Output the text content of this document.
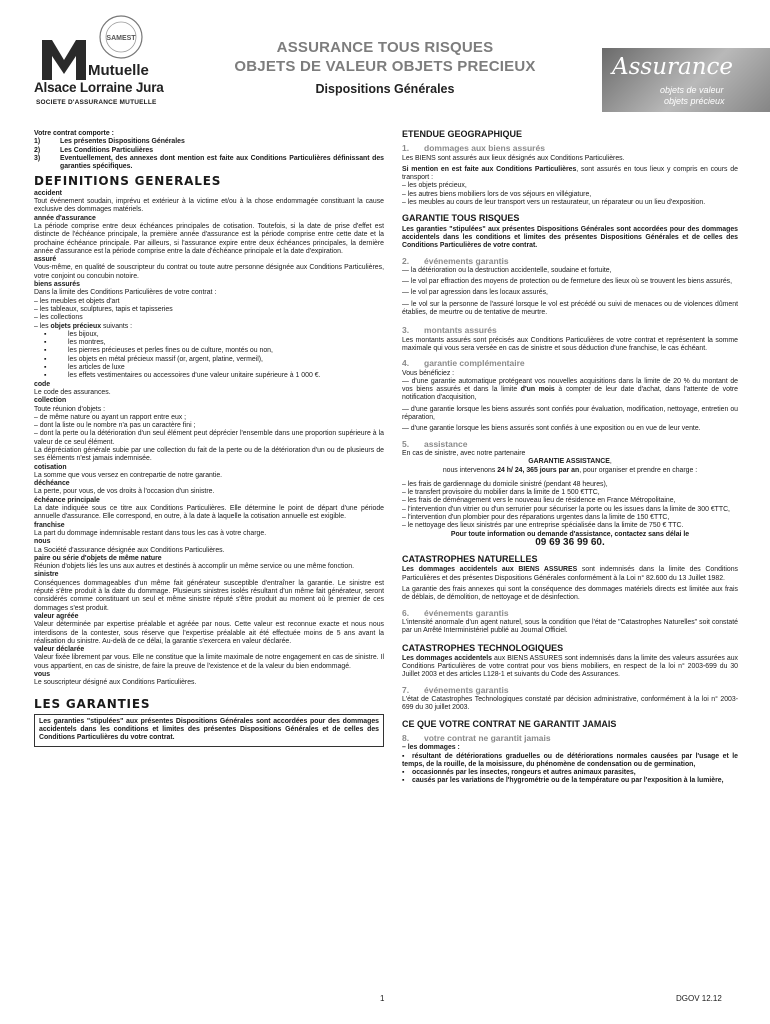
SAMEST
Mutuelle
Alsace Lorraine Jura
SOCIETE D'ASSURANCE MUTUELLE
ASSURANCE TOUS RISQUES
OBJETS DE VALEUR OBJETS PRECIEUX
Dispositions Générales
Assurance
objets de valeur
objets précieux

Votre contrat comporte :

1)	Les présentes Dispositions Générales
2)	Les Conditions Particulières
3)	Eventuellement, des annexes dont mention est faite aux Conditions Particulières définissant des garanties spécifiques.
DEFINITIONS GENERALES

accident

Tout événement soudain, imprévu et extérieur à la victime et/ou à la chose endommagée constituant la cause exclusive des dommages matériels.

année d'assurance

La période comprise entre deux échéances principales de cotisation. Toutefois, si la date de prise d'effet est distincte de l'échéance principale, la première année d'assurance est la période comprise entre cette date et la prochaine échéance principale. Par ailleurs, si l'assurance expire entre deux échéances principales, la dernière année d'assurance est la période comprise entre la date d'échéance principale et la date d'expiration.

assuré

Vous-même, en qualité de souscripteur du contrat ou toute autre personne désignée aux Conditions Particulières, votre conjoint ou concubin notoire.

biens assurés

Dans la limite des Conditions Particulières de votre contrat :

– les meubles et objets d'art

– les tableaux, sculptures, tapis et tapisseries

– les collections

– les objets précieux suivants :

▪	les bijoux,
▪	les montres,
▪	les pierres précieuses et perles fines ou de culture, montés ou non,
▪	les objets en métal précieux massif (or, argent, platine, vermeil),
▪	les articles de luxe
▪	les effets vestimentaires ou accessoires d'une valeur unitaire supérieure à 1 000 €.

code

Le code des assurances.

collection

Toute réunion d'objets :

– de même nature ou ayant un rapport entre eux ;

– dont la liste ou le nombre n'a pas un caractère fini ;

– dont la perte ou la détérioration d'un seul élément peut déprécier l'ensemble dans une proportion supérieure à la valeur de ce seul élément.

La dépréciation générale subie par une collection du fait de la perte ou de la détérioration d'un ou de plusieurs de ses éléments n'est jamais indemnisée.

cotisation

La somme que vous versez en contrepartie de notre garantie.

déchéance

La perte, pour vous, de vos droits à l'occasion d'un sinistre.

échéance principale

La date indiquée sous ce titre aux Conditions Particulières. Elle détermine le point de départ d'une période annuelle d'assurance. Elle correspond, en outre, à la date à laquelle la cotisation annuelle est exigible.

franchise

La part du dommage indemnisable restant dans tous les cas à votre charge.

nous

La Société d'assurance désignée aux Conditions Particulières.

paire ou série d'objets de même nature

Réunion d'objets liés les uns aux autres et destinés à accomplir un même service ou une même fonction.

sinistre

Conséquences dommageables d'un même fait générateur susceptible d'entraîner la garantie. Le sinistre est réputé s'être produit à la date du dommage. Plusieurs sinistres isolés résultant d'un même fait générateur, seront considérés comme constituant un seul et même sinistre réputé s'être produit au moment où le premier de ces dommages s'est produit.

valeur agréée

Valeur déterminée par expertise préalable et agréée par nous. Cette valeur est reconnue exacte et nous nous interdisons de la contester, sous réserve que l'expertise préalable ait été effectuée moins de 5 ans avant la réalisation du sinistre. Au-delà de ce délai, la garantie s'exercera en valeur déclarée.

valeur déclarée

Valeur fixée librement par vous. Elle ne constitue que la limite maximale de notre engagement en cas de sinistre. Il vous appartient, en cas de sinistre, de faire la preuve de l'existence et de la valeur du bien endommagé.

vous

Le souscripteur désigné aux Conditions Particulières.

LES GARANTIES
Les garanties "stipulées" aux présentes Dispositions Générales sont accordées pour des dommages accidentels dans les conditions et limites des présentes Dispositions Générales et de celles des Conditions Particulières du votre contrat.
ETENDUE GEOGRAPHIQUE
1. dommages aux biens assurés

Les BIENS sont assurés aux lieux désignés aux Conditions Particulières.

Si mention en est faite aux Conditions Particulières, sont assurés en tous lieux y compris en cours de transport :

– les objets précieux,

– les autres biens mobiliers lors de vos séjours en villégiature,

– les meubles au cours de leur transport vers un restaurateur, un réparateur ou un lieu d'exposition.

GARANTIE TOUS RISQUES

Les garanties "stipulées" aux présentes Dispositions Générales sont accordées pour des dommages accidentels dans les conditions et limites des présentes Dispositions Générales et de celles des Conditions Particulières de votre contrat.

2. événements garantis

— la détérioration ou la destruction accidentelle, soudaine et fortuite,

— le vol par effraction des moyens de protection ou de fermeture des lieux où se trouvent les biens assurés,

— le vol par agression dans les locaux assurés,

— le vol sur la personne de l'assuré lorsque le vol est précédé ou suivi de menaces ou de violences dûment établies, de meurtre ou de tentative de meurtre.

3. montants assurés

Les montants assurés sont précisés aux Conditions Particulières de votre contrat et représentent la somme maximale qui vous sera versée en cas de sinistre et sous déduction d'une franchise, le cas échéant.

4. garantie complémentaire

Vous bénéficiez :

— d'une garantie automatique protégeant vos nouvelles acquisitions dans la limite de 20 % du montant de vos biens assurés et dans la limite d'un mois à compter de leur date d'achat, dans l'attente de votre notification d'acquisition,

— d'une garantie lorsque les biens assurés sont confiés pour évaluation, modification, nettoyage, entretien ou réparation,

— d'une garantie lorsque les biens assurés sont confiés à une exposition ou en vue de leur vente.

5. assistance

En cas de sinistre, avec notre partenaire

GARANTIE ASSISTANCE,

nous intervenons 24 h/ 24, 365 jours par an, pour organiser et prendre en charge :

– les frais de gardiennage du domicile sinistré (pendant 48 heures),

– le transfert provisoire du mobilier dans la limite de 1 500 €TTC,

– les frais de déménagement vers le nouveau lieu de résidence en France Métropolitaine,

– l'intervention d'un vitrier ou d'un serrurier pour sécuriser la porte ou les issues dans la limite de 300 €TTC,

– l'intervention d'un plombier pour des réparations urgentes dans la limite de 150 €TTC,

– le nettoyage des lieux sinistrés par une entreprise spécialisée dans la limite de 750 € TTC.

Pour toute information ou demande d'assistance, contactez sans délai le

09 69 36 99 60.

CATASTROPHES NATURELLES

Les dommages accidentels aux BIENS ASSURES sont indemnisés dans la limite des Conditions Particulières et des présentes Dispositions Générales conformément à la Loi n° 82.600 du 13 Juillet 1982.

La garantie des frais annexes qui sont la conséquence des dommages matériels directs est limitée aux frais de déblais, de démolition, de nettoyage et de désinfection.

6. événements garantis

L'intensité anormale d'un agent naturel, sous la condition que l'état de "Catastrophes Naturelles" soit constaté par un Arrêté Interministériel publié au Journal Officiel.

CATASTROPHES TECHNOLOGIQUES

Les dommages accidentels aux BIENS ASSURES sont indemnisés dans la limite des valeurs assurées aux Conditions Particulières de votre contrat pour vos biens mobiliers, en respect de la loi n° 2003-699 du 30 Juillet 2003 et des articles L128-1 et suivants du Code des Assurances.

7. événements garantis

L'état de Catastrophes Technologiques constaté par décision administrative, conformément à la loi n° 2003-699 du 30 juillet 2003.

CE QUE VOTRE CONTRAT NE GARANTIT JAMAIS
8. votre contrat ne garantit jamais

– les dommages :

▪ résultant de détériorations graduelles ou de détériorations normales causées par l'usage et le temps, de la rouille, de la moisissure, du phénomène de condensation ou de germination,

▪ occasionnés par les insectes, rongeurs et autres animaux parasites,

▪ causés par les variations de l'hygrométrie ou de la température ou par l'exposition à la lumière,

1	DGOV 12.12
